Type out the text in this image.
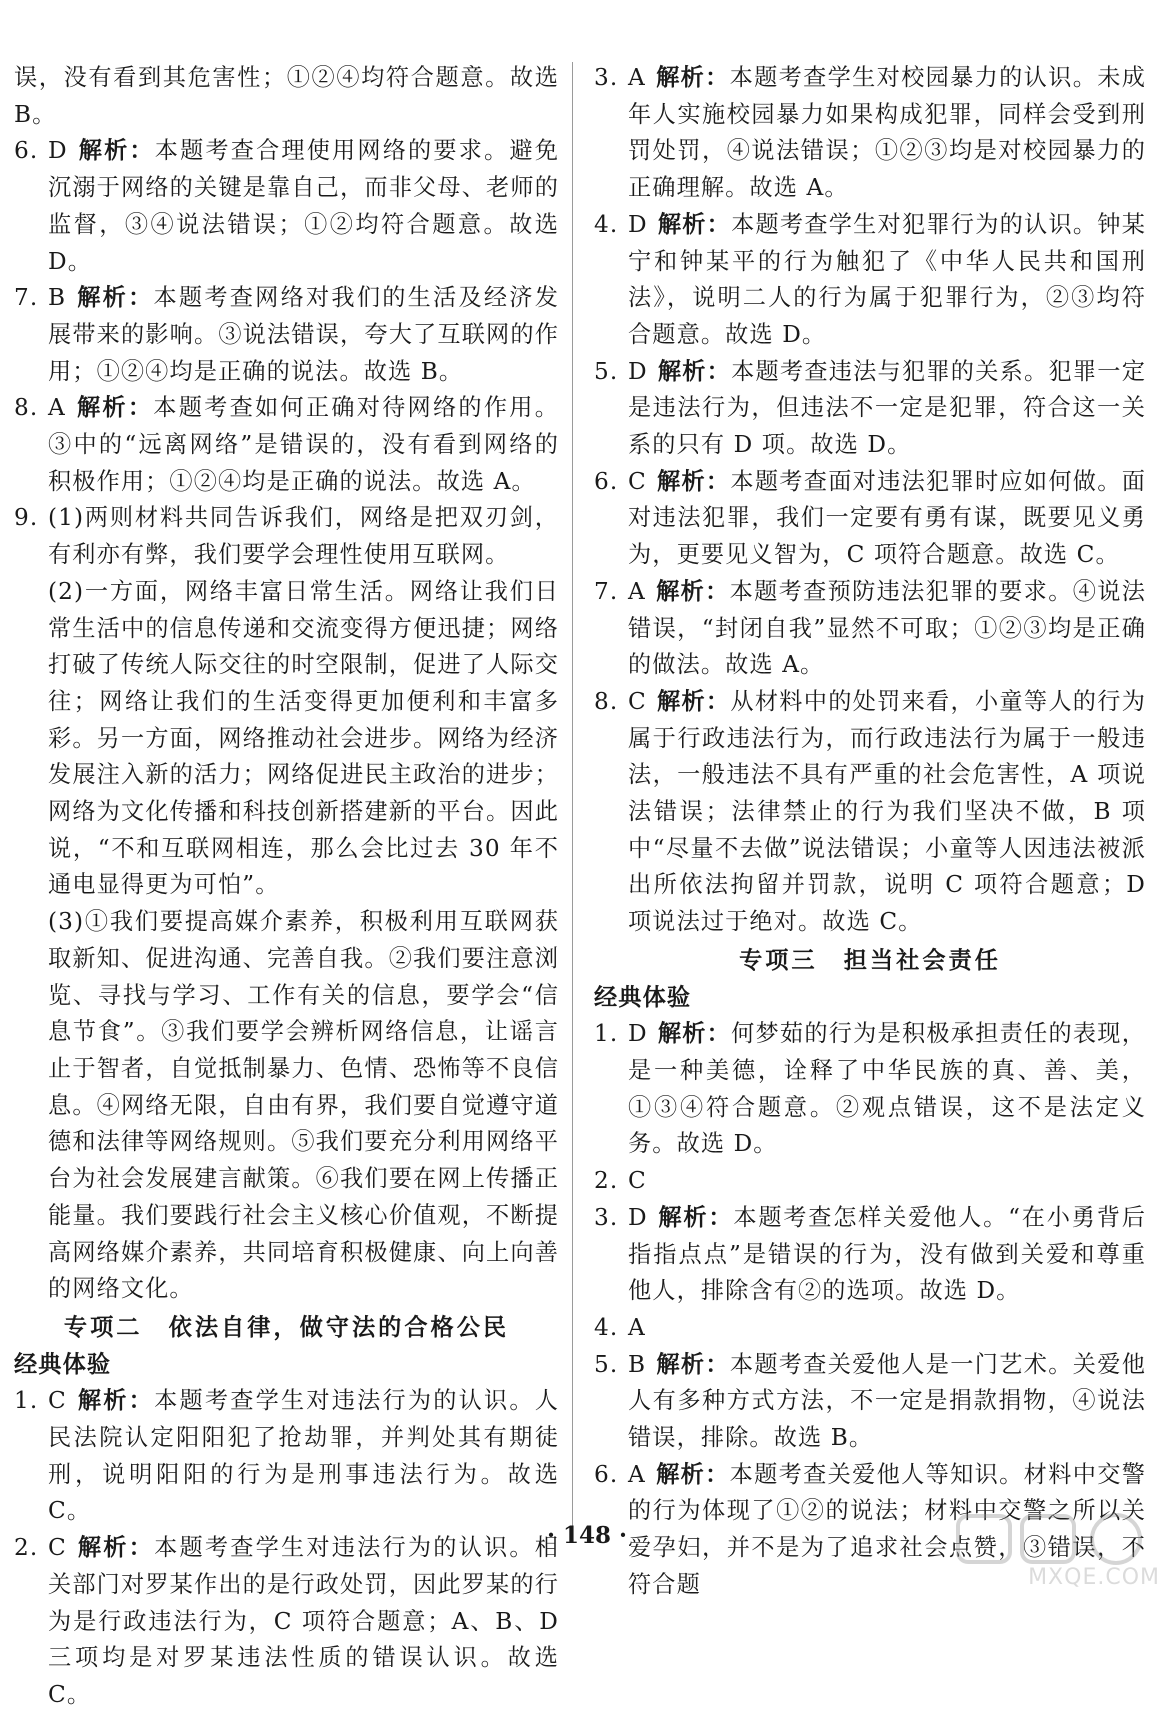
误，没有看到其危害性；①②④均符合题意。故选 B。

6. D 解析：本题考查合理使用网络的要求。避免沉溺于网络的关键是靠自己，而非父母、老师的监督，③④说法错误；①②均符合题意。故选 D。

7. B 解析：本题考查网络对我们的生活及经济发展带来的影响。③说法错误，夸大了互联网的作用；①②④均是正确的说法。故选 B。

8. A 解析：本题考查如何正确对待网络的作用。③中的“远离网络”是错误的，没有看到网络的积极作用；①②④均是正确的说法。故选 A。

9. (1)两则材料共同告诉我们，网络是把双刃剑，有利亦有弊，我们要学会理性使用互联网。

(2)一方面，网络丰富日常生活。网络让我们日常生活中的信息传递和交流变得方便迅捷；网络打破了传统人际交往的时空限制，促进了人际交往；网络让我们的生活变得更加便利和丰富多彩。另一方面，网络推动社会进步。网络为经济发展注入新的活力；网络促进民主政治的进步；网络为文化传播和科技创新搭建新的平台。因此说，“不和互联网相连，那么会比过去 30 年不通电显得更为可怕”。

(3)①我们要提高媒介素养，积极利用互联网获取新知、促进沟通、完善自我。②我们要注意浏览、寻找与学习、工作有关的信息，要学会“信息节食”。③我们要学会辨析网络信息，让谣言止于智者，自觉抵制暴力、色情、恐怖等不良信息。④网络无限，自由有界，我们要自觉遵守道德和法律等网络规则。⑤我们要充分利用网络平台为社会发展建言献策。⑥我们要在网上传播正能量。我们要践行社会主义核心价值观，不断提高网络媒介素养，共同培育积极健康、向上向善的网络文化。

专项二　依法自律，做守法的合格公民

经典体验

1. C 解析：本题考查学生对违法行为的认识。人民法院认定阳阳犯了抢劫罪，并判处其有期徒刑，说明阳阳的行为是刑事违法行为。故选 C。

2. C 解析：本题考查学生对违法行为的认识。相关部门对罗某作出的是行政处罚，因此罗某的行为是行政违法行为，C 项符合题意；A、B、D 三项均是对罗某违法性质的错误认识。故选 C。

3. A 解析：本题考查学生对校园暴力的认识。未成年人实施校园暴力如果构成犯罪，同样会受到刑罚处罚，④说法错误；①②③均是对校园暴力的正确理解。故选 A。

4. D 解析：本题考查学生对犯罪行为的认识。钟某宁和钟某平的行为触犯了《中华人民共和国刑法》，说明二人的行为属于犯罪行为，②③均符合题意。故选 D。

5. D 解析：本题考查违法与犯罪的关系。犯罪一定是违法行为，但违法不一定是犯罪，符合这一关系的只有 D 项。故选 D。

6. C 解析：本题考查面对违法犯罪时应如何做。面对违法犯罪，我们一定要有勇有谋，既要见义勇为，更要见义智为，C 项符合题意。故选 C。

7. A 解析：本题考查预防违法犯罪的要求。④说法错误，“封闭自我”显然不可取；①②③均是正确的做法。故选 A。

8. C 解析：从材料中的处罚来看，小童等人的行为属于行政违法行为，而行政违法行为属于一般违法，一般违法不具有严重的社会危害性，A 项说法错误；法律禁止的行为我们坚决不做，B 项中“尽量不去做”说法错误；小童等人因违法被派出所依法拘留并罚款，说明 C 项符合题意；D 项说法过于绝对。故选 C。

专项三　担当社会责任

经典体验

1. D 解析：何梦茹的行为是积极承担责任的表现，是一种美德，诠释了中华民族的真、善、美，①③④符合题意。②观点错误，这不是法定义务。故选 D。

2. C

3. D 解析：本题考查怎样关爱他人。“在小勇背后指指点点”是错误的行为，没有做到关爱和尊重他人，排除含有②的选项。故选 D。

4. A

5. B 解析：本题考查关爱他人是一门艺术。关爱他人有多种方式方法，不一定是捐款捐物，④说法错误，排除。故选 B。

6. A 解析：本题考查关爱他人等知识。材料中交警的行为体现了①②的说法；材料中交警之所以关爱孕妇，并不是为了追求社会点赞，③错误，不符合题

· 148 ·
MXQE.COM
